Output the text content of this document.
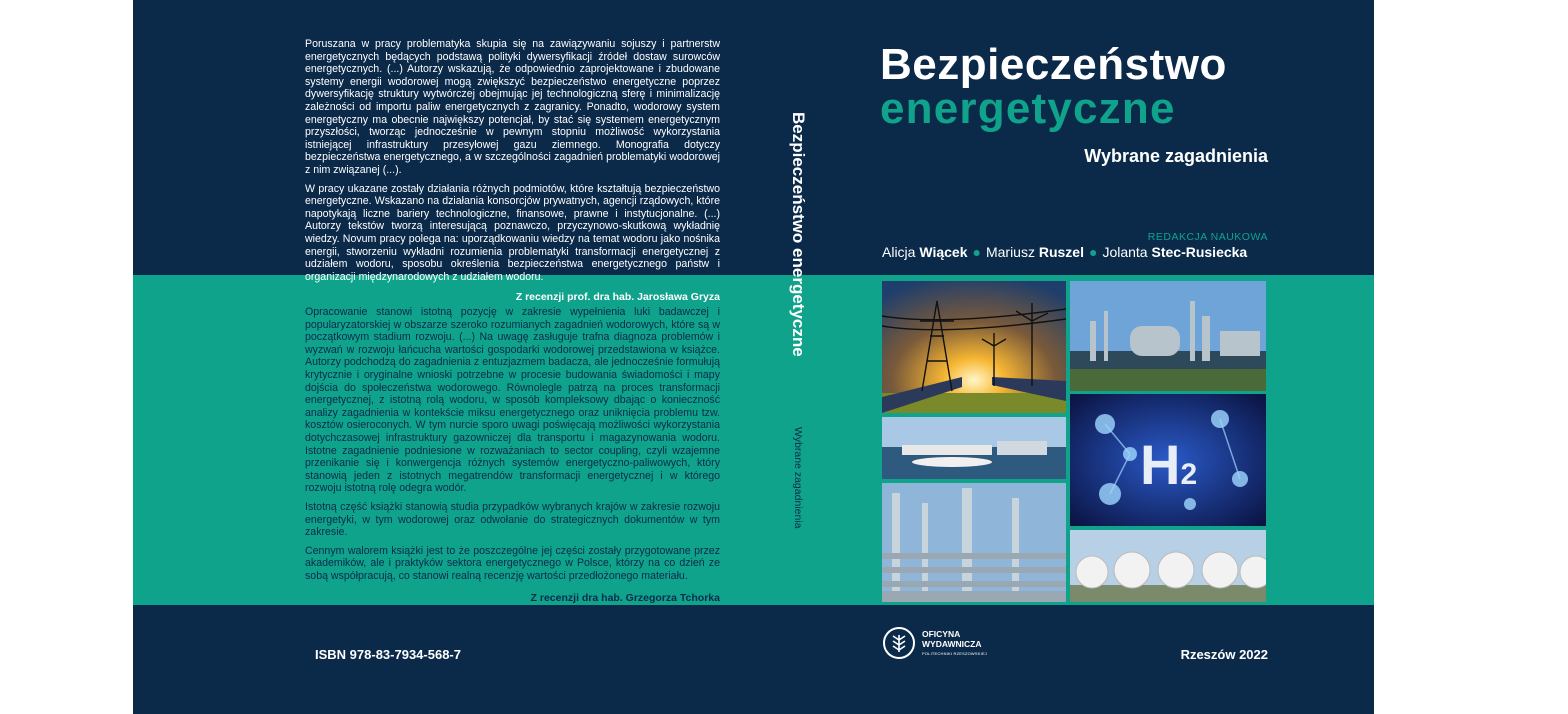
Poruszana w pracy problematyka skupia się na zawiązywaniu sojuszy i partnerstw energetycznych będących podstawą polityki dywersyfikacji źródeł dostaw surowców energetycznych. (...) Autorzy wskazują, że odpowiednio zaprojektowane i zbudowane systemy energii wodorowej mogą zwiększyć bezpieczeństwo energetyczne poprzez dywersyfikację struktury wytwórczej obejmując jej technologiczną sferę i minimalizację zależności od importu paliw energetycznych z zagranicy. Ponadto, wodorowy system energetyczny ma obecnie największy potencjał, by stać się systemem energetycznym przyszłości, tworząc jednocześnie w pewnym stopniu możliwość wykorzystania istniejącej infrastruktury przesyłowej gazu ziemnego. Monografia dotyczy bezpieczeństwa energetycznego, a w szczególności zagadnień problematyki wodorowej z nim związanej (...).

W pracy ukazane zostały działania różnych podmiotów, które kształtują bezpieczeństwo energetyczne. Wskazano na działania konsorcjów prywatnych, agencji rządowych, które napotykają liczne bariery technologiczne, finansowe, prawne i instytucjonalne. (...) Autorzy tekstów tworzą interesującą poznawczo, przyczynowo-skutkową wykładnię wiedzy. Novum pracy polega na: uporządkowaniu wiedzy na temat wodoru jako nośnika energii, stworzeniu wykładni rozumienia problematyki transformacji energetycznej z udziałem wodoru, sposobu określenia bezpieczeństwa energetycznego państw i organizacji międzynarodowych z udziałem wodoru.

Z recenzji prof. dra hab. Jarosława Gryza

Opracowanie stanowi istotną pozycję w zakresie wypełnienia luki badawczej i popularyzatorskiej w obszarze szeroko rozumianych zagadnień wodorowych, które są w początkowym stadium rozwoju. (...) Na uwagę zasługuje trafna diagnoza problemów i wyzwań w rozwoju łańcucha wartości gospodarki wodorowej przedstawiona w książce. Autorzy podchodzą do zagadnienia z entuzjazmem badacza, ale jednocześnie formułują krytycznie i oryginalne wnioski potrzebne w procesie budowania świadomości i mapy dojścia do społeczeństwa wodorowego. Równolegle patrzą na proces transformacji energetycznej, z istotną rolą wodoru, w sposób kompleksowy dbając o konieczność analizy zagadnienia w kontekście miksu energetycznego oraz uniknięcia problemu tzw. kosztów osieroconych. W tym nurcie sporo uwagi poświęcają możliwości wykorzystania dotychczasowej infrastruktury gazowniczej dla transportu i magazynowania wodoru. Istotne zagadnienie podniesione w rozważaniach to sector coupling, czyli wzajemne przenikanie się i konwergencja różnych systemów energetyczno-paliwowych, który stanowią jeden z istotnych megatrendów transformacji energetycznej i w którego rozwoju istotną rolę odegra wodór.

Istotną część książki stanowią studia przypadków wybranych krajów w zakresie rozwoju energetyki, w tym wodorowej oraz odwołanie do strategicznych dokumentów w tym zakresie.

Cennym walorem książki jest to że poszczególne jej części zostały przygotowane przez akademików, ale i praktyków sektora energetycznego w Polsce, którzy na co dzień ze sobą współpracują, co stanowi realną recenzję wartości przedłożonego materiału.

Z recenzji dra hab. Grzegorza Tchorka
ISBN 978-83-7934-568-7
Bezpieczeństwo energetyczne
Wybrane zagadnienia
Bezpieczeństwo
energetyczne
Wybrane zagadnienia
REDAKCJA NAUKOWA
Alicja Wiącek ● Mariusz Ruszel ● Jolanta Stec-Rusiecka
H2
OFICYNA
WYDAWNICZA
POLITECHNIKI RZESZOWSKIEJ	Rzeszów 2022
